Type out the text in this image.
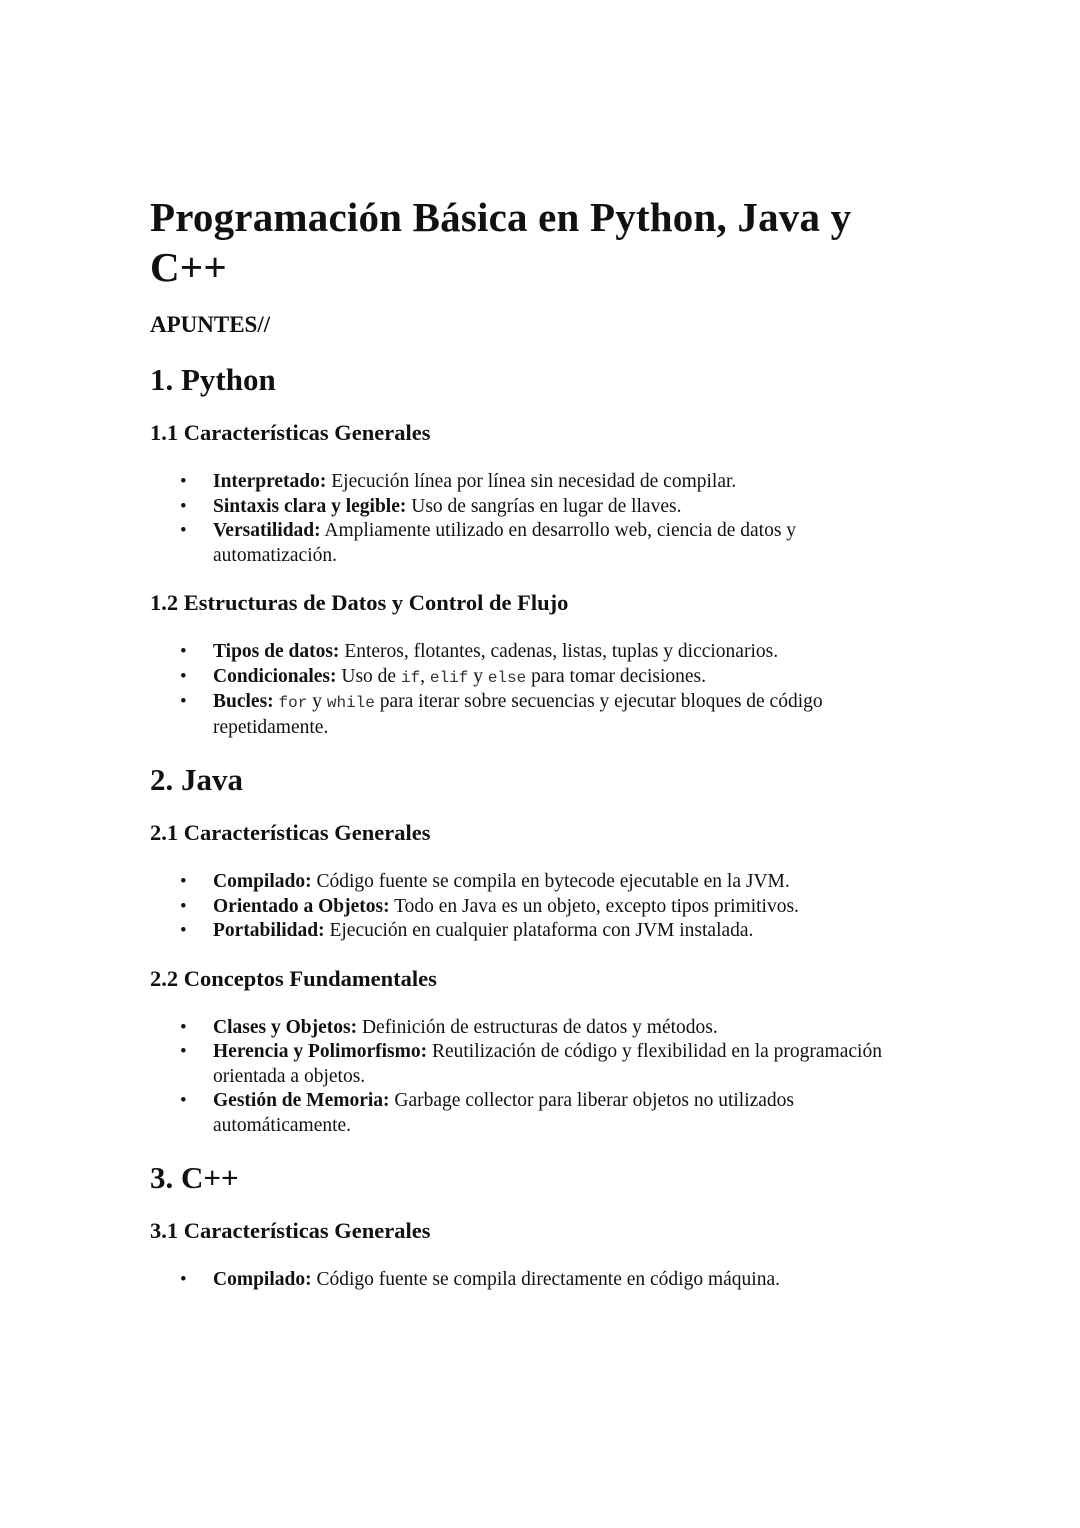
Programación Básica en Python, Java y C++
APUNTES//
1. Python
1.1 Características Generales
• Interpretado: Ejecución línea por línea sin necesidad de compilar.
• Sintaxis clara y legible: Uso de sangrías en lugar de llaves.
• Versatilidad: Ampliamente utilizado en desarrollo web, ciencia de datos y automatización.
1.2 Estructuras de Datos y Control de Flujo
• Tipos de datos: Enteros, flotantes, cadenas, listas, tuplas y diccionarios.
• Condicionales: Uso de if, elif y else para tomar decisiones.
• Bucles: for y while para iterar sobre secuencias y ejecutar bloques de código repetidamente.
2. Java
2.1 Características Generales
• Compilado: Código fuente se compila en bytecode ejecutable en la JVM.
• Orientado a Objetos: Todo en Java es un objeto, excepto tipos primitivos.
• Portabilidad: Ejecución en cualquier plataforma con JVM instalada.
2.2 Conceptos Fundamentales
• Clases y Objetos: Definición de estructuras de datos y métodos.
• Herencia y Polimorfismo: Reutilización de código y flexibilidad en la programación orientada a objetos.
• Gestión de Memoria: Garbage collector para liberar objetos no utilizados automáticamente.
3. C++
3.1 Características Generales
• Compilado: Código fuente se compila directamente en código máquina.
